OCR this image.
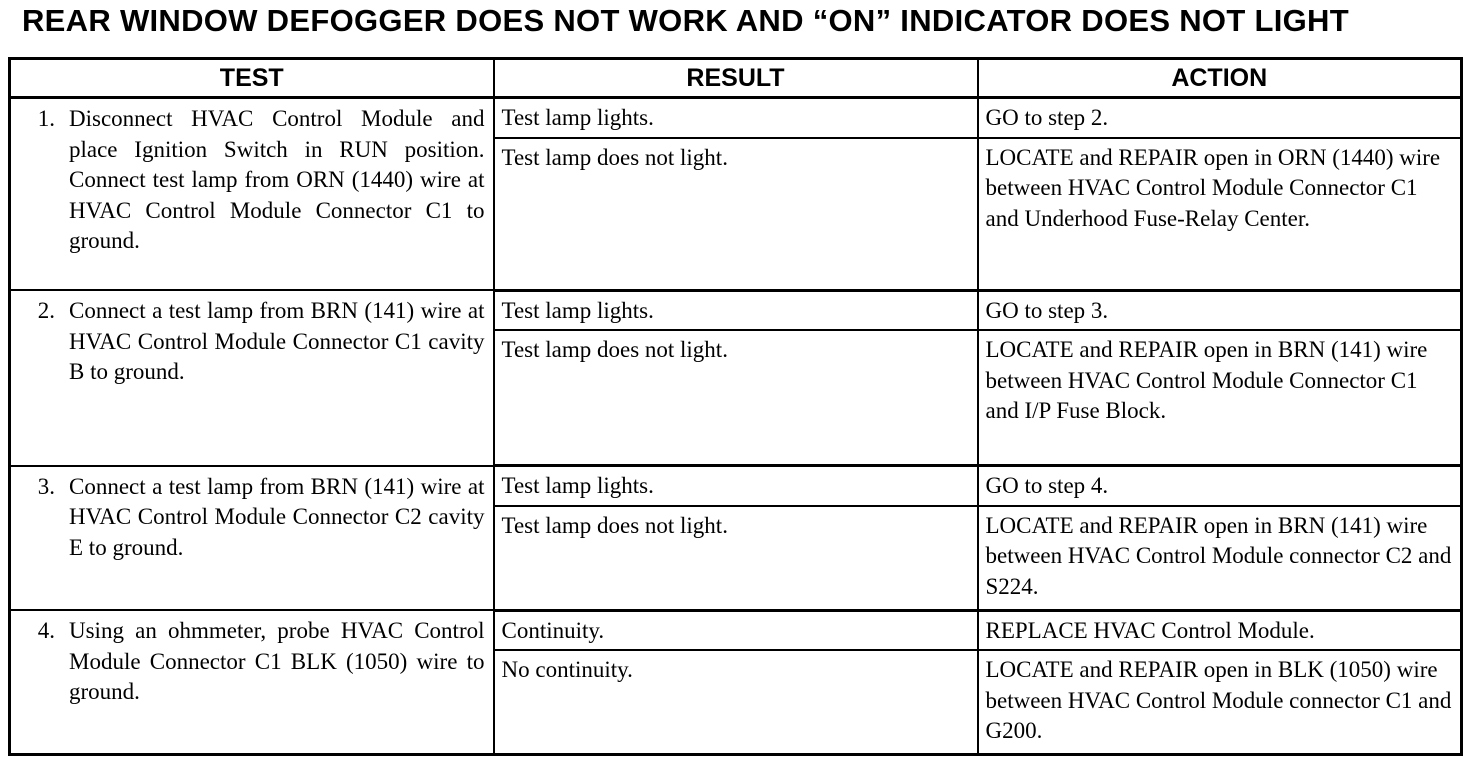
REAR WINDOW DEFOGGER DOES NOT WORK AND “ON” INDICATOR DOES NOT LIGHT
TEST	RESULT	ACTION

1. Disconnect HVAC Control Module and place Ignition Switch in RUN position. Connect test lamp from ORN (1440) wire at HVAC Control Module Connector C1 to ground.	Test lamp lights.	GO to step 2.
	Test lamp does not light.	LOCATE and REPAIR open in ORN (1440) wire between HVAC Control Module Connector C1 and Underhood Fuse-Relay Center.

2. Connect a test lamp from BRN (141) wire at HVAC Control Module Connector C1 cavity B to ground.	Test lamp lights.	GO to step 3.
	Test lamp does not light.	LOCATE and REPAIR open in BRN (141) wire between HVAC Control Module Connector C1 and I/P Fuse Block.

3. Connect a test lamp from BRN (141) wire at HVAC Control Module Connector C2 cavity E to ground.	Test lamp lights.	GO to step 4.
	Test lamp does not light.	LOCATE and REPAIR open in BRN (141) wire between HVAC Control Module connector C2 and S224.

4. Using an ohmmeter, probe HVAC Control Module Connector C1 BLK (1050) wire to ground.	Continuity.	REPLACE HVAC Control Module.
	No continuity.	LOCATE and REPAIR open in BLK (1050) wire between HVAC Control Module connector C1 and G200.
